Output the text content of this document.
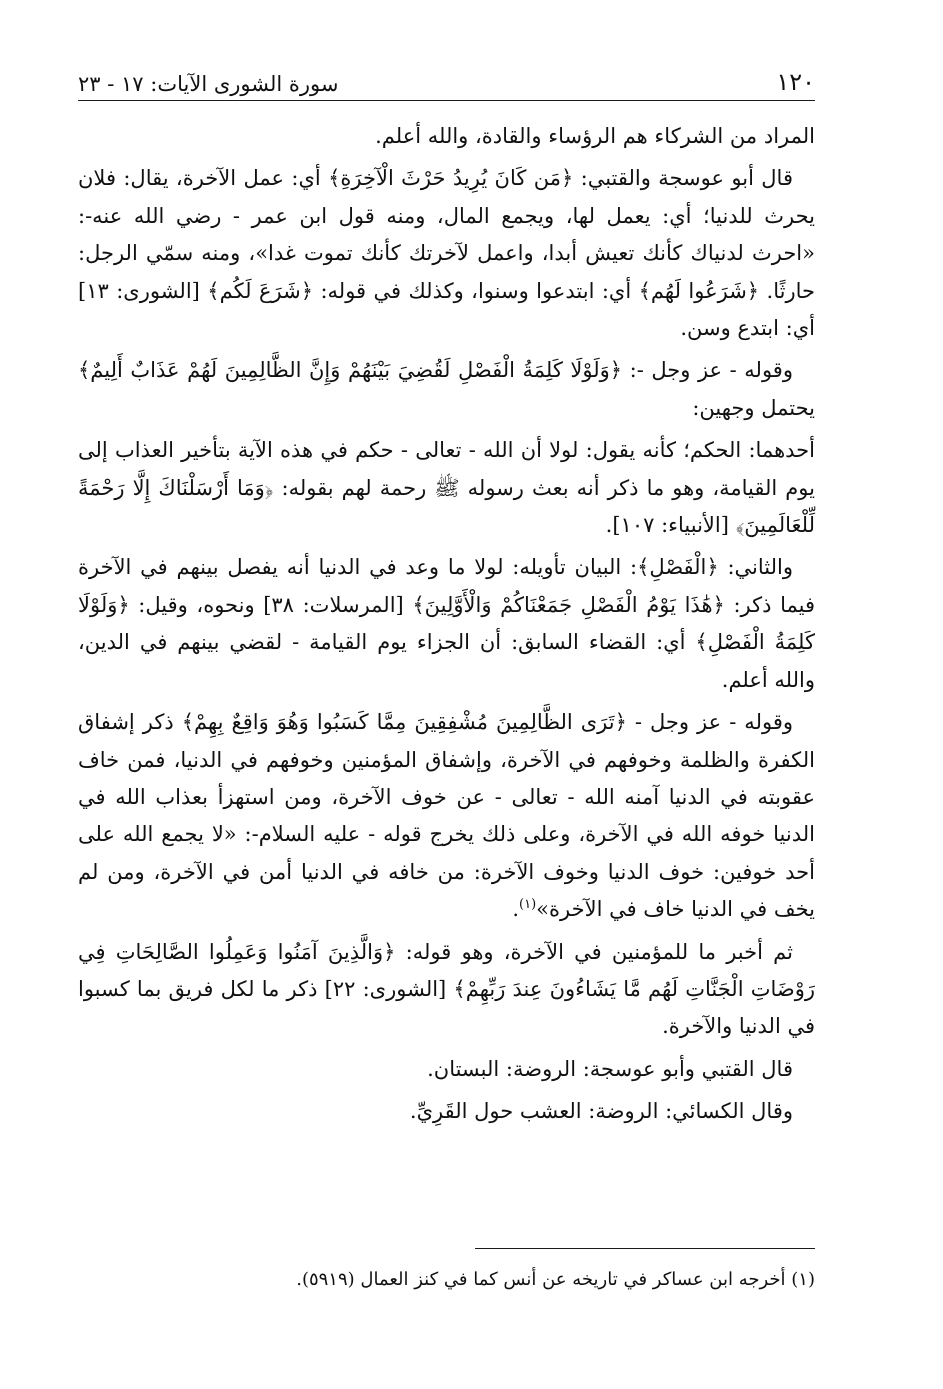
١٢٠
سورة الشورى الآيات: ١٧ - ٢٣

المراد من الشركاء هم الرؤساء والقادة، والله أعلم.

قال أبو عوسجة والقتبي: ﴿مَن كَانَ يُرِيدُ حَرْثَ الْآخِرَةِ﴾ أي: عمل الآخرة، يقال: فلان يحرث للدنيا؛ أي: يعمل لها، ويجمع المال، ومنه قول ابن عمر - رضي الله عنه-: «احرث لدنياك كأنك تعيش أبدا، واعمل لآخرتك كأنك تموت غدا»، ومنه سمّي الرجل: حارثًا. ﴿شَرَعُوا لَهُم﴾ أي: ابتدعوا وسنوا، وكذلك في قوله: ﴿شَرَعَ لَكُم﴾ [الشورى: ١٣] أي: ابتدع وسن.

وقوله - عز وجل -: ﴿وَلَوْلَا كَلِمَةُ الْفَصْلِ لَقُضِيَ بَيْنَهُمْ وَإِنَّ الظَّالِمِينَ لَهُمْ عَذَابٌ أَلِيمٌ﴾ يحتمل وجهين:

أحدهما: الحكم؛ كأنه يقول: لولا أن الله - تعالى - حكم في هذه الآية بتأخير العذاب إلى يوم القيامة، وهو ما ذكر أنه بعث رسوله ﷺ رحمة لهم بقوله: ﴿وَمَا أَرْسَلْنَاكَ إِلَّا رَحْمَةً لِّلْعَالَمِينَ﴾ [الأنبياء: ١٠٧].

والثاني: ﴿الْفَصْلِ﴾: البيان تأويله: لولا ما وعد في الدنيا أنه يفصل بينهم في الآخرة فيما ذكر: ﴿هَٰذَا يَوْمُ الْفَصْلِ جَمَعْنَاكُمْ وَالْأَوَّلِينَ﴾ [المرسلات: ٣٨] ونحوه، وقيل: ﴿وَلَوْلَا كَلِمَةُ الْفَصْلِ﴾ أي: القضاء السابق: أن الجزاء يوم القيامة - لقضي بينهم في الدين، والله أعلم.

وقوله - عز وجل - ﴿تَرَى الظَّالِمِينَ مُشْفِقِينَ مِمَّا كَسَبُوا وَهُوَ وَاقِعٌ بِهِمْ﴾ ذكر إشفاق الكفرة والظلمة وخوفهم في الآخرة، وإشفاق المؤمنين وخوفهم في الدنيا، فمن خاف عقوبته في الدنيا آمنه الله - تعالى - عن خوف الآخرة، ومن استهزأ بعذاب الله في الدنيا خوفه الله في الآخرة، وعلى ذلك يخرج قوله - عليه السلام-: «لا يجمع الله على أحد خوفين: خوف الدنيا وخوف الآخرة: من خافه في الدنيا أمن في الآخرة، ومن لم يخف في الدنيا خاف في الآخرة»$^{(١)}$.

ثم أخبر ما للمؤمنين في الآخرة، وهو قوله: ﴿وَالَّذِينَ آمَنُوا وَعَمِلُوا الصَّالِحَاتِ فِي رَوْضَاتِ الْجَنَّاتِ لَهُم مَّا يَشَاءُونَ عِندَ رَبِّهِمْ﴾ [الشورى: ٢٢] ذكر ما لكل فريق بما كسبوا في الدنيا والآخرة.

قال القتبي وأبو عوسجة: الروضة: البستان.

وقال الكسائي: الروضة: العشب حول القَرِيِّ.

(١) أخرجه ابن عساكر في تاريخه عن أنس كما في كنز العمال (٥٩١٩).
